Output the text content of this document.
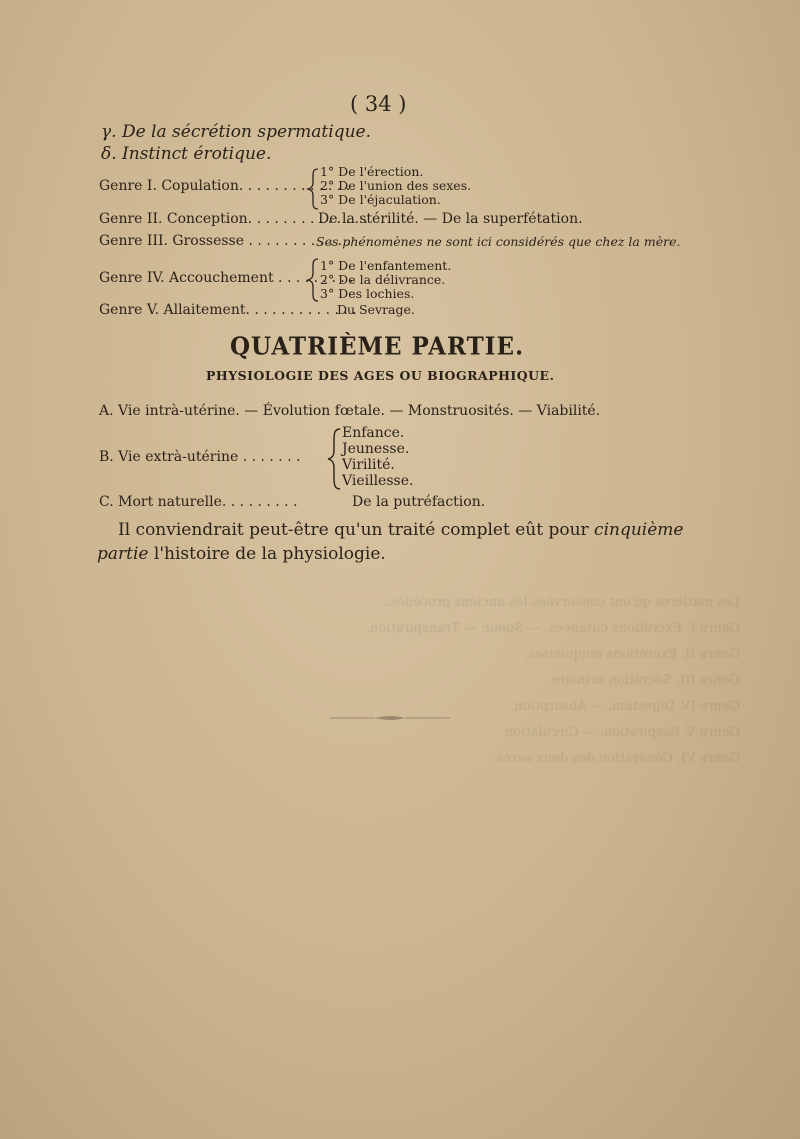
Les matières qu'ont conservées les anciens procédés...
Genre I. Excrétions cutanées. — Sueur. — Transpiration.
Genre II. Excrétions muqueuses.
Genre III. Sécrétion urinaire.
Genre IV. Digestion. — Absorption.
Genre V. Respiration. — Circulation.
Genre VI. Génération des deux sexes.
( 34 )
γ. De la sécrétion spermatique.
δ. Instinct érotique.
Genre I. Copulation. . . . . . . . . . . . .
1° De l'érection.
2° De l'union des sexes.
3° De l'éjaculation.
Genre II. Conception. . . . . . . . . . . . . .
De la stérilité. — De la superfétation.
Genre III. Grossesse . . . . . . . . . . . .
Ses phénomènes ne sont ici considérés que chez la mère.
Genre IV. Accouchement . . . . . . . . .
1° De l'enfantement.
2° De la délivrance.
3° Des lochies.
Genre V. Allaitement. . . . . . . . . . . . .
Du Sevrage.
QUATRIÈME PARTIE.
PHYSIOLOGIE DES AGES OU BIOGRAPHIQUE.
A. Vie intrà-utérine. — Évolution fœtale. — Monstruosités. — Viabilité.
B. Vie extrà-utérine . . . . . . .
Enfance.
Jeunesse.
Virilité.
Vieillesse.
C. Mort naturelle. . . . . . . . .	De la putréfaction.
Il conviendrait peut-être qu'un traité complet eût pour cinquième
partie l'histoire de la physiologie.
